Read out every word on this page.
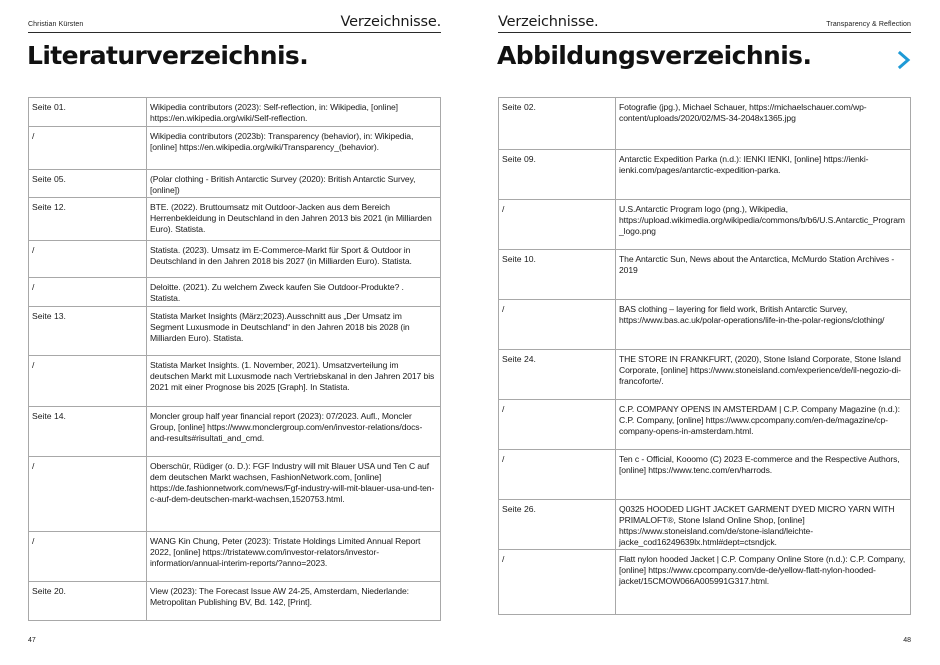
Christian Kürsten	Verzeichnisse.
Literaturverzeichnis.
Seite 01.	Wikipedia contributors (2023): Self-reflection, in: Wikipedia, [online] https://en.wikipedia.org/wiki/Self-reflection.
/	Wikipedia contributors (2023b): Transparency (behavior), in: Wikipedia, [online] https://en.wikipedia.org/wiki/Transparency_(behavior).
Seite 05.	(Polar clothing - British Antarctic Survey (2020): British Antarctic Survey, [online])
Seite 12.	BTE. (2022). Bruttoumsatz mit Outdoor-Jacken aus dem Bereich Herrenbekleidung in Deutschland in den Jahren 2013 bis 2021 (in Milliarden Euro). Statista.
/	Statista. (2023). Umsatz im E-Commerce-Markt für Sport & Outdoor in Deutschland in den Jahren 2018 bis 2027 (in Milliarden Euro). Statista.
/	Deloitte. (2021). Zu welchem Zweck kaufen Sie Outdoor-Produkte? . Statista.
Seite 13.	Statista Market Insights (März;2023).Ausschnitt aus „Der Umsatz im Segment Luxusmode in Deutschland“ in den Jahren 2018 bis 2028 (in Milliarden Euro). Statista.
/	Statista Market Insights. (1. November, 2021). Umsatzverteilung im deutschen Markt mit Luxusmode nach Vertriebskanal in den Jahren 2017 bis 2021 mit einer Prognose bis 2025 [Graph]. In Statista.
Seite 14.	Moncler group half year financial report (2023): 07/2023. Aufl., Moncler Group, [online] https://www.monclergroup.com/en/investor-relations/docs-and-results#risultati_and_cmd.
/	Oberschür, Rüdiger (o. D.): FGF Industry will mit Blauer USA und Ten C auf dem deutschen Markt wachsen, FashionNetwork.com, [online] https://de.fashionnetwork.com/news/Fgf-industry-will-mit-blauer-usa-und-ten-c-auf-dem-deutschen-markt-wachsen,1520753.html.
/	WANG Kin Chung, Peter (2023): Tristate Holdings Limited Annual Report 2022, [online] https://tristateww.com/investor-relators/investor-information/annual-interim-reports/?anno=2023.
Seite 20.	View (2023): The Forecast Issue AW 24-25, Amsterdam, Niederlande: Metropolitan Publishing BV, Bd. 142, [Print].
47
Verzeichnisse.	Transparency & Reflection
Abbildungsverzeichnis.
Seite 02.	Fotografie (jpg.), Michael Schauer, https://michaelschauer.com/wp-content/uploads/2020/02/MS-34-2048x1365.jpg
Seite 09.	Antarctic Expedition Parka (n.d.): IENKI IENKI, [online] https://ienki-ienki.com/pages/antarctic-expedition-parka.
/	U.S.Antarctic Program logo (png.), Wikipedia, https://upload.wikimedia.org/wikipedia/commons/b/b6/U.S.Antarctic_Program_logo.png
Seite 10.	The Antarctic Sun, News about the Antarctica, McMurdo Station Archives - 2019
/	BAS clothing – layering for field work, British Antarctic Survey, https://www.bas.ac.uk/polar-operations/life-in-the-polar-regions/clothing/
Seite 24.	THE STORE IN FRANKFURT, (2020), Stone Island Corporate, Stone Island Corporate, [online] https://www.stoneisland.com/experience/de/il-negozio-di-francoforte/.
/	C.P. COMPANY OPENS IN AMSTERDAM | C.P. Company Magazine (n.d.): C.P. Company, [online] https://www.cpcompany.com/en-de/magazine/cp-company-opens-in-amsterdam.html.
/	Ten c - Official, Kooomo (C) 2023 E-commerce and the Respective Authors, [online] https://www.tenc.com/en/harrods.
Seite 26.	Q0325 HOODED LIGHT JACKET GARMENT DYED MICRO YARN WITH PRIMALOFT®, Stone Island Online Shop, [online] https://www.stoneisland.com/de/stone-island/leichte-jacke_cod16249639lx.html#dept=ctsndjck.
/	Flatt nylon hooded Jacket | C.P. Company Online Store (n.d.): C.P. Company, [online] https://www.cpcompany.com/de-de/yellow-flatt-nylon-hooded-jacket/15CMOW066A005991G317.html.
48
